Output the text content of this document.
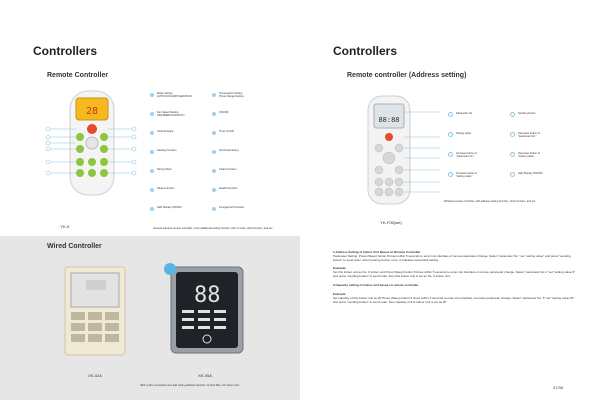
Controllers
Remote Controller
28
YK-K
Mode Setting
AUTO/COOL/DRY/HEAT/FAN
Temperature Setting
(Timer Range Setting
Fan Speed Setting
HIGH/MED/LOW/AUTO
ON/OFF
Vertical Swing	Timer On/Off
Healing Function	Horizontal Swing
Strong Wind	Clean Function
Sleep Function	Health Function
LED Display ON/OFF	Fungusproof Function
General wireless remote controller, more additional setting function, with 2 mode, clock function, and etc.
Wired Controller
XK-02A
88
XK-05A
With a 10m connection wire add setting address function. Control Max. 16 indoor units.
Controllers
Remote controller (Address setting)
88:88
YK-F06(set)
Parameter No.	Sending button
Setting value	Decrease button of
"parameter No."
Increase button of
"parameter No."
Decrease button of
"setting value"
Increase button of
"setting value"
LED Display ON/OFF
Wireless remote controller, with address setting function, clock function, and etc.
1.Address Setting of Indoor Unit Based on Remote Controller
Parameter Setting: Press (Sleep) button 8 times within 5 seconds to enter into interface of remote parameter change. Select "parameter No." set "setting value" and press "sending button" to send order. when hearing buzzer once, it indicates successful setting.
Example:
Set this indoor unit as No. 9 indoor unit Press (Sleep) button 8 times within 5 seconds to enter into interface of remote parameter change. Select "parameter No.1" set "setting value 9" and press "sending button" to send order. then this indoor unit is set as No. 9 indoor unit.
2.Capacity setting of indoor unit based on remote controller
Example:
Set capacity of this indoor unit as 2P Press (Sleep) button 8 times within 5 seconds to enter into interface of remote parameter change. Select "parameter No. 5" set "setting value 20" and press "sending button" to send order. then capacity of this indoor unit is set as 2P.
37/38
